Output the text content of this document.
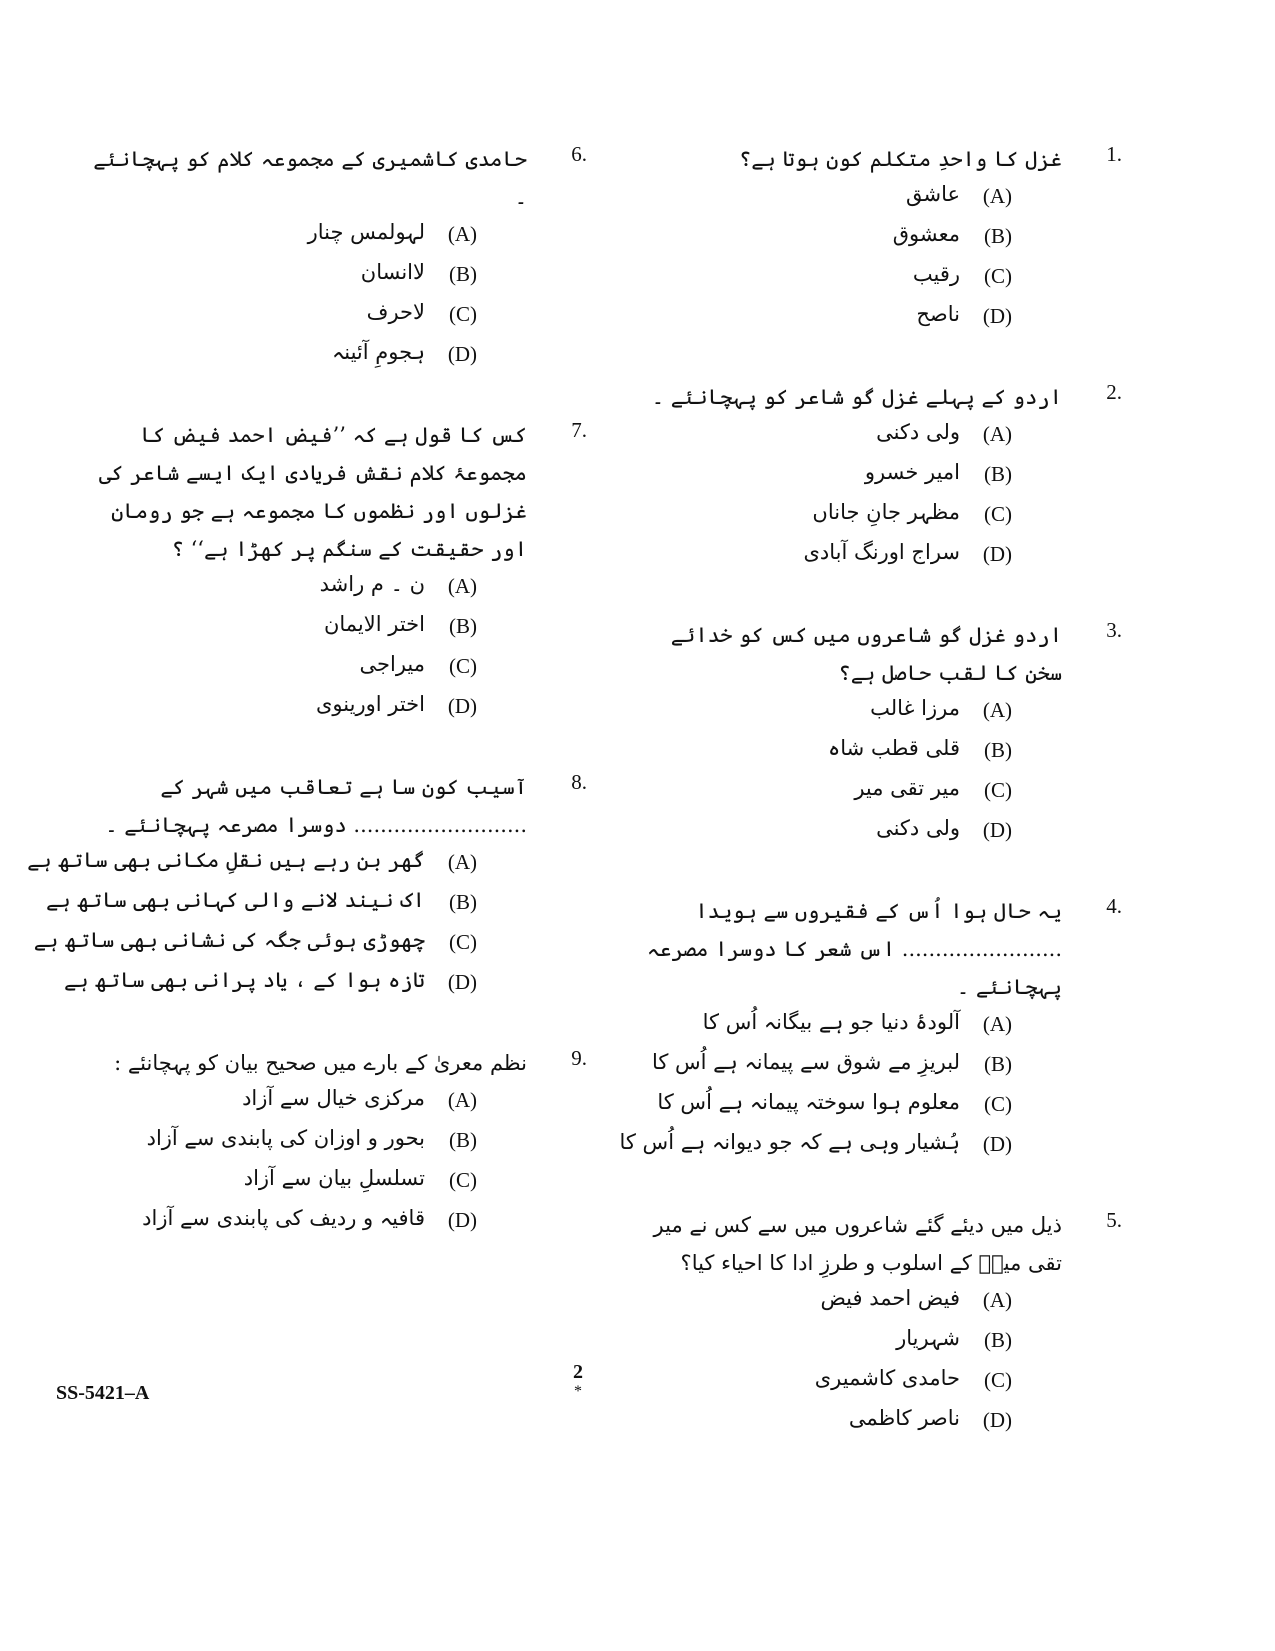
1.
غزل کا واحدِ متکلم کون ہوتا ہے؟
(A)
عاشق
(B)
معشوق
(C)
رقیب
(D)
ناصح
2.
اردو کے پہلے غزل گو شاعر کو پہچانئے ۔
(A)
ولی دکنی
(B)
امیر خسرو
(C)
مظہر جانِ جاناں
(D)
سراج اورنگ آبادی
3.
اردو غزل گو شاعروں میں کس کو خدائے سخن کا لقب حاصل ہے؟
(A)
مرزا غالب
(B)
قلی قطب شاہ
(C)
میر تقی میر
(D)
ولی دکنی
4.
یہ حال ہوا اُس کے فقیروں سے ہویدا ........................ اس شعر کا دوسرا مصرعہ پہچانئے ۔
(A)
آلودۂ دنیا جو ہے بیگانہ اُس کا
(B)
لبریزِ مے شوق سے پیمانہ ہے اُس کا
(C)
معلوم ہوا سوختہ پیمانہ ہے اُس کا
(D)
ہُشیار وہی ہے کہ جو دیوانہ ہے اُس کا
5.
ذیل میں دیئے گئے شاعروں میں سے کس نے میر تقی میرؔ کے اسلوب و طرزِ ادا کا احیاء کیا؟
(A)
فیض احمد فیض
(B)
شہریار
(C)
حامدی کاشمیری
(D)
ناصر کاظمی
6.
حامدی کاشمیری کے مجموعہ کلام کو پہچانئے ۔
(A)
لہولمس چنار
(B)
لاانسان
(C)
لاحرف
(D)
ہجومِ آئینہ
7.
کس کا قول ہے کہ ’’فیض احمد فیض کا مجموعۂ کلام نقش فریادی ایک ایسے شاعر کی غزلوں اور نظموں کا مجموعہ ہے جو رومان اور حقیقت کے سنگم پر کھڑا ہے‘‘ ؟
(A)
ن ۔ م راشد
(B)
اختر الایمان
(C)
میراجی
(D)
اختر اورینوی
8.
آسیب کون سا ہے تعاقب میں شہر کے .......................... دوسرا مصرعہ پہچانئے ۔
(A)
گھر بن رہے ہیں نقلِ مکانی بھی ساتھ ہے
(B)
اک نیند لانے والی کہانی بھی ساتھ ہے
(C)
چھوڑی ہوئی جگہ کی نشانی بھی ساتھ ہے
(D)
تازہ ہوا کے ، یاد پرانی بھی ساتھ ہے
9.
نظم معریٰ کے بارے میں صحیح بیان کو پہچانئے :
(A)
مرکزی خیال سے آزاد
(B)
بحور و اوزان کی پابندی سے آزاد
(C)
تسلسلِ بیان سے آزاد
(D)
قافیہ و ردیف کی پابندی سے آزاد
2
*
SS-5421–A
